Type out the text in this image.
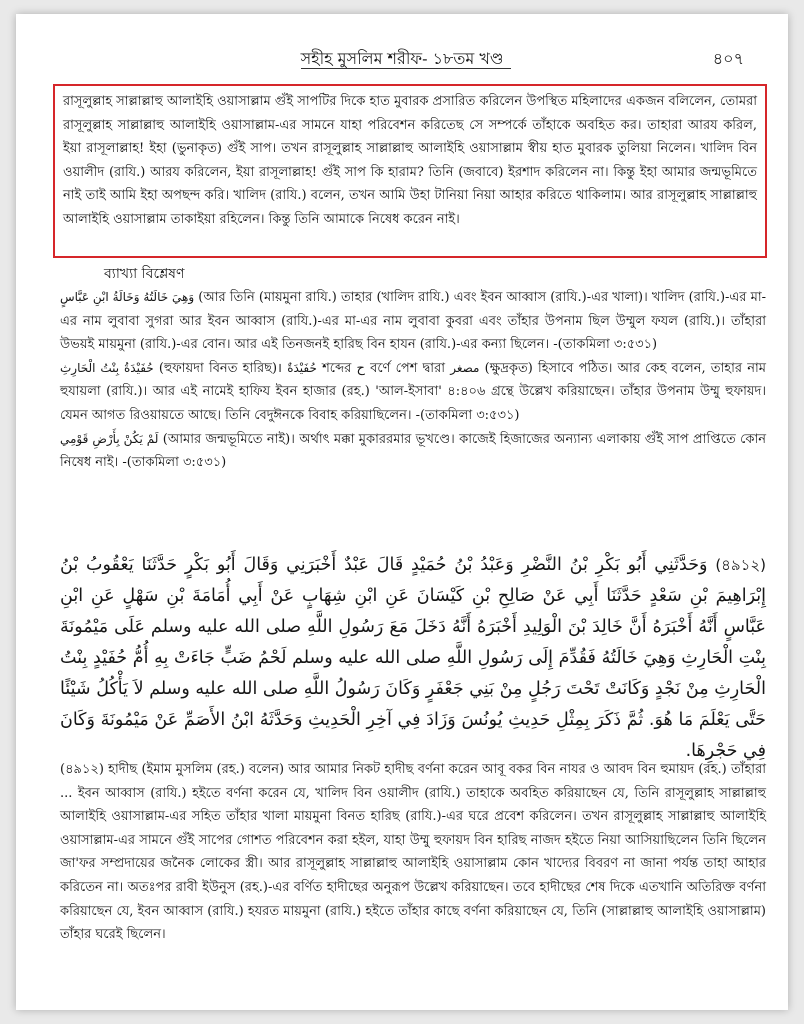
সহীহ মুসলিম শরীফ- ১৮তম খণ্ড	৪০৭

রাসূলুল্লাহ সাল্লাল্লাহু আলাইহি ওয়াসাল্লাম গুঁই সাপটির দিকে হাত মুবারক প্রসারিত করিলেন উপস্থিত মহিলাদের একজন বলিলেন, তোমরা রাসূলুল্লাহ সাল্লাল্লাহু আলাইহি ওয়াসাল্লাম-এর সামনে যাহা পরিবেশন করিতেছ সে সম্পর্কে তাঁহাকে অবহিত কর। তাহারা আরয করিল, ইয়া রাসূলাল্লাহ! ইহা (ভুনাকৃত) গুঁই সাপ। তখন রাসূলুল্লাহ সাল্লাল্লাহু আলাইহি ওয়াসাল্লাম স্বীয় হাত মুবারক তুলিয়া নিলেন। খালিদ বিন ওয়ালীদ (রাযি.) আরয করিলেন, ইয়া রাসূলাল্লাহ! গুঁই সাপ কি হারাম? তিনি (জবাবে) ইরশাদ করিলেন না। কিন্তু ইহা আমার জন্মভূমিতে নাই তাই আমি ইহা অপছন্দ করি। খালিদ (রাযি.) বলেন, তখন আমি উহা টানিয়া নিয়া আহার করিতে থাকিলাম। আর রাসূলুল্লাহ সাল্লাল্লাহু আলাইহি ওয়াসাল্লাম তাকাইয়া রহিলেন। কিন্তু তিনি আমাকে নিষেধ করেন নাই।

ব্যাখ্যা বিশ্লেষণ

وَهِيَ خَالَتُهُ وَخَالَةُ ابْنِ عَبَّاسٍ (আর তিনি (মায়মুনা রাযি.) তাহার (খালিদ রাযি.) এবং ইবন আব্বাস (রাযি.)-এর খালা)। খালিদ (রাযি.)-এর মা-এর নাম লুবাবা সুগরা আর ইবন আব্বাস (রাযি.)-এর মা-এর নাম লুবাবা কুবরা এবং তাঁহার উপনাম ছিল উম্মুল ফযল (রাযি.)। তাঁহারা উভয়ই মায়মুনা (রাযি.)-এর বোন। আর এই তিনজনই হারিছ বিন হাযন (রাযি.)-এর কন্যা ছিলেন। -(তাকমিলা ৩:৫৩১)

حُفَيْدَةُ بِنْتُ الْحَارِثِ (হুফায়দা বিনত হারিছ)। حُفَيْدَةٌ শব্দের ح বর্ণে পেশ দ্বারা مصغر (ক্ষুদ্রকৃত) হিসাবে পঠিত। আর কেহ বলেন, তাহার নাম হুযায়লা (রাযি.)। আর এই নামেই হাফিয ইবন হাজার (রহ.) 'আল-ইসাবা' ৪:৪০৬ গ্রন্থে উল্লেখ করিয়াছেন। তাঁহার উপনাম উম্মু হুফায়দ। যেমন আগত রিওয়ায়তে আছে। তিনি বেদুঈনকে বিবাহ করিয়াছিলেন। -(তাকমিলা ৩:৫৩১)

لَمْ يَكُنْ بِأَرْضِ قَوْمِي (আমার জন্মভূমিতে নাই)। অর্থাৎ মক্কা মুকাররমার ভূখণ্ডে। কাজেই হিজাজের অন্যান্য এলাকায় গুঁই সাপ প্রাপ্তিতে কোন নিষেধ নাই। -(তাকমিলা ৩:৫৩১)

(৪৯১২) وَحَدَّثَنِي أَبُو بَكْرِ بْنُ النَّضْرِ وَعَبْدُ بْنُ حُمَيْدٍ قَالَ عَبْدٌ أَخْبَرَنِي وَقَالَ أَبُو بَكْرٍ حَدَّثَنَا يَعْقُوبُ بْنُ إِبْرَاهِيمَ بْنِ سَعْدٍ حَدَّثَنَا أَبِي عَنْ صَالِحِ بْنِ كَيْسَانَ عَنِ ابْنِ شِهَابٍ عَنْ أَبِي أُمَامَةَ بْنِ سَهْلٍ عَنِ ابْنِ عَبَّاسٍ أَنَّهُ أَخْبَرَهُ أَنَّ خَالِدَ بْنَ الْوَلِيدِ أَخْبَرَهُ أَنَّهُ دَخَلَ مَعَ رَسُولِ اللَّهِ صلى الله عليه وسلم عَلَى مَيْمُونَةَ بِنْتِ الْحَارِثِ وَهِيَ خَالَتُهُ فَقُدِّمَ إِلَى رَسُولِ اللَّهِ صلى الله عليه وسلم لَحْمُ ضَبٍّ جَاءَتْ بِهِ أُمُّ حُفَيْدٍ بِنْتُ الْحَارِثِ مِنْ نَجْدٍ وَكَانَتْ تَحْتَ رَجُلٍ مِنْ بَنِي جَعْفَرٍ وَكَانَ رَسُولُ اللَّهِ صلى الله عليه وسلم لاَ يَأْكُلُ شَيْئًا حَتَّى يَعْلَمَ مَا هُوَ. ثُمَّ ذَكَرَ بِمِثْلِ حَدِيثِ يُونُسَ وَزَادَ فِي آخِرِ الْحَدِيثِ وَحَدَّثَهُ ابْنُ الأَصَمِّ عَنْ مَيْمُونَةَ وَكَانَ فِي حَجْرِهَا.

(৪৯১২) হাদীছ (ইমাম মুসলিম (রহ.) বলেন) আর আমার নিকট হাদীছ বর্ণনা করেন আবূ বকর বিন নাযর ও আবদ বিন হুমায়দ (রহ.) তাঁহারা ... ইবন আব্বাস (রাযি.) হইতে বর্ণনা করেন যে, খালিদ বিন ওয়ালীদ (রাযি.) তাহাকে অবহিত করিয়াছেন যে, তিনি রাসূলুল্লাহ সাল্লাল্লাহু আলাইহি ওয়াসাল্লাম-এর সহিত তাঁহার খালা মায়মুনা বিনত হারিছ (রাযি.)-এর ঘরে প্রবেশ করিলেন। তখন রাসূলুল্লাহ সাল্লাল্লাহু আলাইহি ওয়াসাল্লাম-এর সামনে গুঁই সাপের গোশত পরিবেশন করা হইল, যাহা উম্মু হুফায়দ বিন হারিছ নাজদ হইতে নিয়া আসিয়াছিলেন তিনি ছিলেন জা'ফর সম্প্রদায়ের জনৈক লোকের স্ত্রী। আর রাসূলুল্লাহ সাল্লাল্লাহু আলাইহি ওয়াসাল্লাম কোন খাদ্যের বিবরণ না জানা পর্যন্ত তাহা আহার করিতেন না। অতঃপর রাবী ইউনুস (রহ.)-এর বর্ণিত হাদীছের অনুরূপ উল্লেখ করিয়াছেন। তবে হাদীছের শেষ দিকে এতখানি অতিরিক্ত বর্ণনা করিয়াছেন যে, ইবন আব্বাস (রাযি.) হযরত মায়মুনা (রাযি.) হইতে তাঁহার কাছে বর্ণনা করিয়াছেন যে, তিনি (সাল্লাল্লাহু আলাইহি ওয়াসাল্লাম) তাঁহার ঘরেই ছিলেন।
